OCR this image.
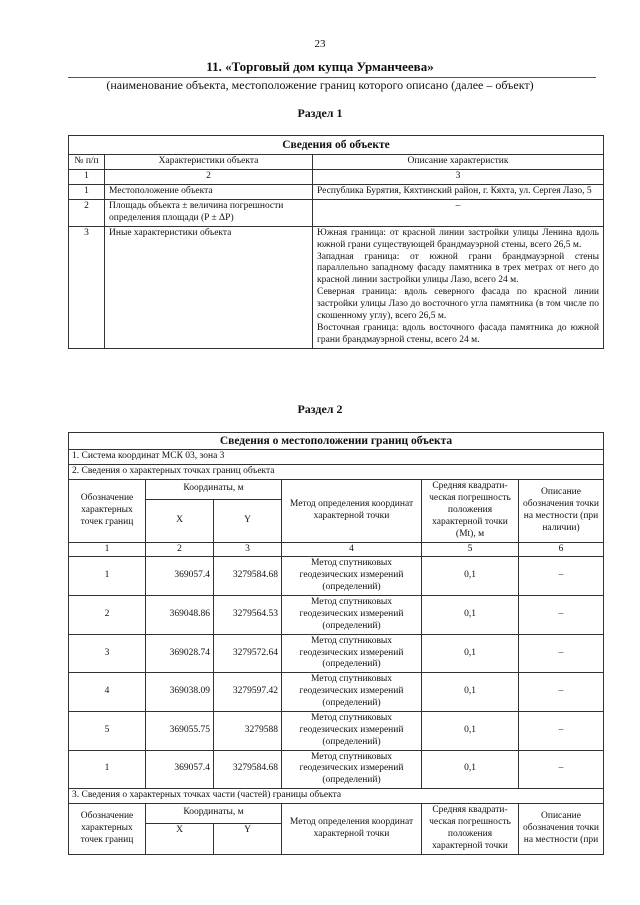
23
11. «Торговый дом купца Урманчеева»
(наименование объекта, местоположение границ которого описано (далее – объект)
Раздел 1
Сведения об объекте		
№ п/п	Характеристики объекта	Описание характеристик
1	2	3
1	Местоположение объекта	Республика Бурятия, Кяхтинский район, г. Кяхта, ул. Сергея Лазо, 5
2	Площадь объекта ± величина погрешности определения площади (P ± ΔP)	–
3	Иные характеристики объекта	Южная граница: от красной линии застройки улицы Ленина вдоль южной грани существующей брандмауэрной стены, всего 26,5 м.
Западная граница: от южной грани брандмауэрной стены параллельно западному фасаду памятника в трех метрах от него до красной линии застройки улицы Лазо, всего 24 м.
Северная граница: вдоль северного фасада по красной линии застройки улицы Лазо до восточного угла памятника (в том числе по скошенному углу), всего 26,5 м.
Восточная граница: вдоль восточного фасада памятника до южной грани брандмауэрной стены, всего 24 м.
Раздел 2
Сведения о местоположении границ объекта					
1. Система координат МСК 03, зона 3					
2. Сведения о характерных точках границ объекта					
Обозначение характерных точек границ	Координаты, м		Метод определения координат характерной точки	Средняя квадрати-ческая погрешность положения характерной точки (Mt), м	Описание обозначения точки на местности (при наличии)
	X	Y			
1	2	3	4	5	6
1	369057.4	3279584.68	Метод спутниковых геодезических измерений (определений)	0,1	–
2	369048.86	3279564.53	Метод спутниковых геодезических измерений (определений)	0,1	–
3	369028.74	3279572.64	Метод спутниковых геодезических измерений (определений)	0,1	–
4	369038.09	3279597.42	Метод спутниковых геодезических измерений (определений)	0,1	–
5	369055.75	3279588	Метод спутниковых геодезических измерений (определений)	0,1	–
1	369057.4	3279584.68	Метод спутниковых геодезических измерений (определений)	0,1	–
3. Сведения о характерных точках части (частей) границы объекта					
Обозначение характерных точек границ	Координаты, м		Метод определения координат характерной точки	Средняя квадрати-ческая погрешность положения характерной точки	Описание обозначения точки на местности (при
	X	Y			
